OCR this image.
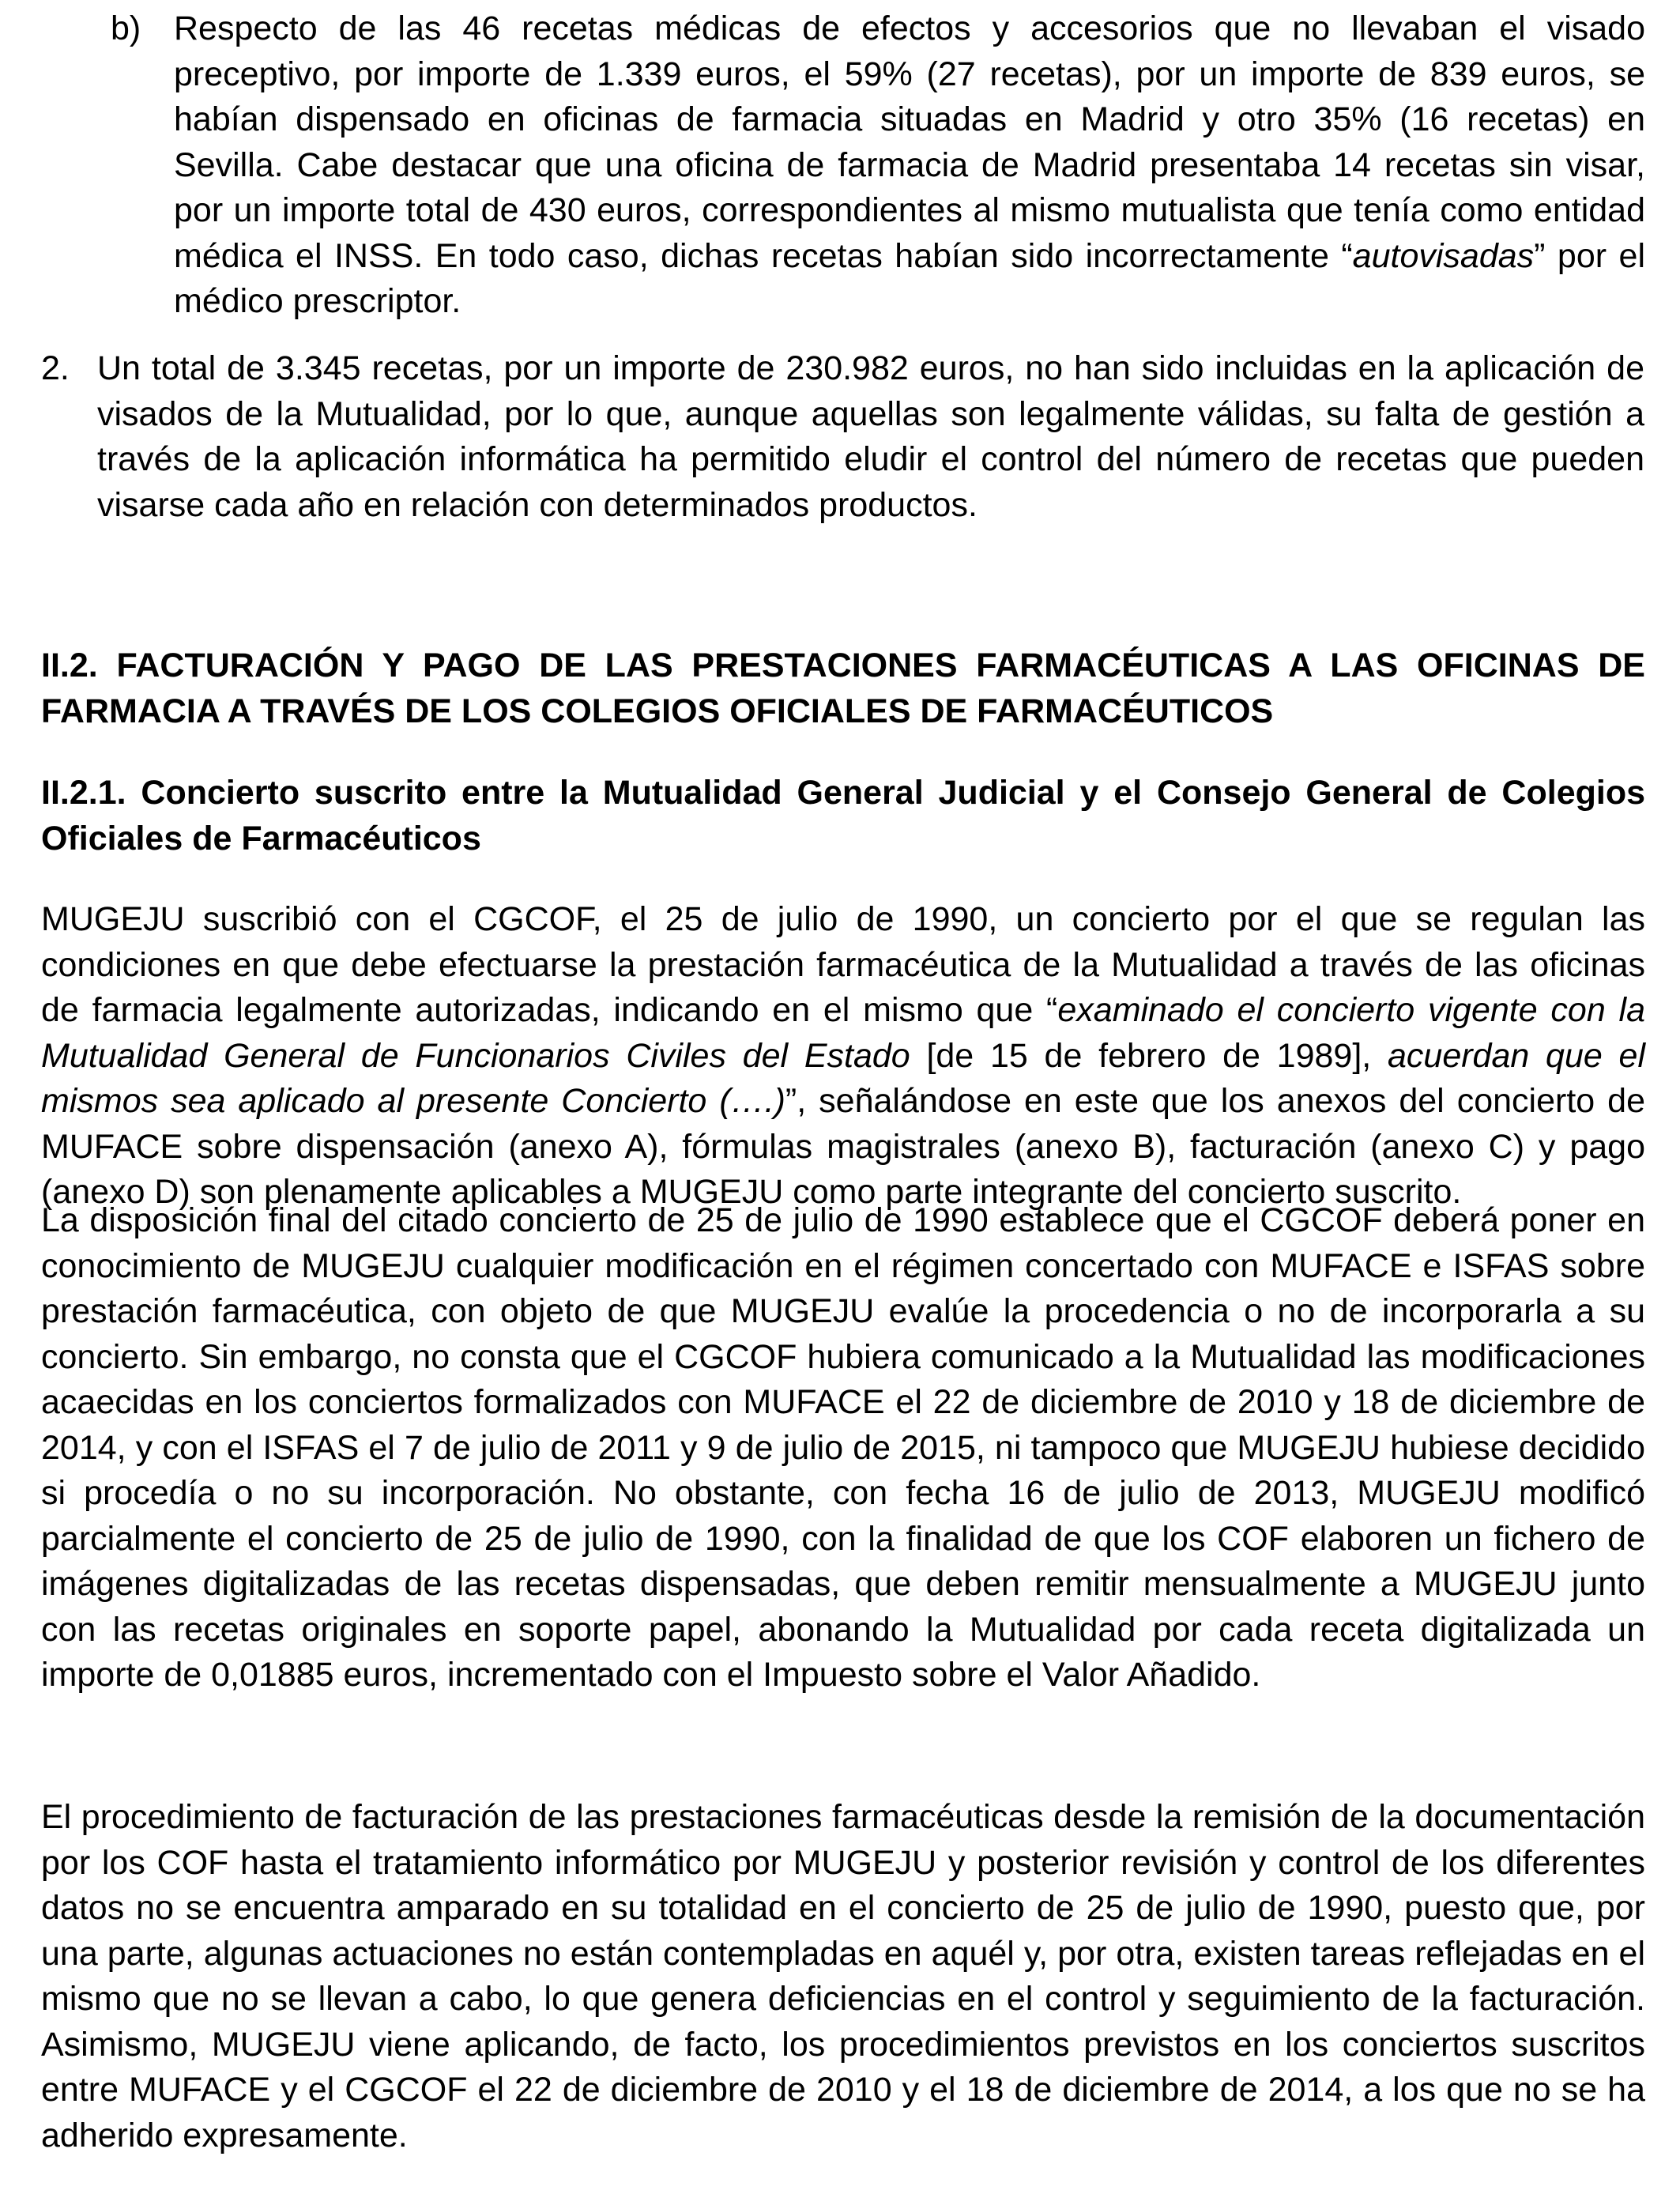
b) Respecto de las 46 recetas médicas de efectos y accesorios que no llevaban el visado preceptivo, por importe de 1.339 euros, el 59% (27 recetas), por un importe de 839 euros, se habían dispensado en oficinas de farmacia situadas en Madrid y otro 35% (16 recetas) en Sevilla. Cabe destacar que una oficina de farmacia de Madrid presentaba 14 recetas sin visar, por un importe total de 430 euros, correspondientes al mismo mutualista que tenía como entidad médica el INSS. En todo caso, dichas recetas habían sido incorrectamente “autovisadas” por el médico prescriptor.

2. Un total de 3.345 recetas, por un importe de 230.982 euros, no han sido incluidas en la aplicación de visados de la Mutualidad, por lo que, aunque aquellas son legalmente válidas, su falta de gestión a través de la aplicación informática ha permitido eludir el control del número de recetas que pueden visarse cada año en relación con determinados productos.

II.2. FACTURACIÓN Y PAGO DE LAS PRESTACIONES FARMACÉUTICAS A LAS OFICINAS DE FARMACIA A TRAVÉS DE LOS COLEGIOS OFICIALES DE FARMACÉUTICOS
II.2.1. Concierto suscrito entre la Mutualidad General Judicial y el Consejo General de Colegios Oficiales de Farmacéuticos

MUGEJU suscribió con el CGCOF, el 25 de julio de 1990, un concierto por el que se regulan las condiciones en que debe efectuarse la prestación farmacéutica de la Mutualidad a través de las oficinas de farmacia legalmente autorizadas, indicando en el mismo que “examinado el concierto vigente con la Mutualidad General de Funcionarios Civiles del Estado [de 15 de febrero de 1989], acuerdan que el mismos sea aplicado al presente Concierto (….)”, señalándose en este que los anexos del concierto de MUFACE sobre dispensación (anexo A), fórmulas magistrales (anexo B), facturación (anexo C) y pago (anexo D) son plenamente aplicables a MUGEJU como parte integrante del concierto suscrito.

La disposición final del citado concierto de 25 de julio de 1990 establece que el CGCOF deberá poner en conocimiento de MUGEJU cualquier modificación en el régimen concertado con MUFACE e ISFAS sobre prestación farmacéutica, con objeto de que MUGEJU evalúe la procedencia o no de incorporarla a su concierto. Sin embargo, no consta que el CGCOF hubiera comunicado a la Mutualidad las modificaciones acaecidas en los conciertos formalizados con MUFACE el 22 de diciembre de 2010 y 18 de diciembre de 2014, y con el ISFAS el 7 de julio de 2011 y 9 de julio de 2015, ni tampoco que MUGEJU hubiese decidido si procedía o no su incorporación. No obstante, con fecha 16 de julio de 2013, MUGEJU modificó parcialmente el concierto de 25 de julio de 1990, con la finalidad de que los COF elaboren un fichero de imágenes digitalizadas de las recetas dispensadas, que deben remitir mensualmente a MUGEJU junto con las recetas originales en soporte papel, abonando la Mutualidad por cada receta digitalizada un importe de 0,01885 euros, incrementado con el Impuesto sobre el Valor Añadido.

El procedimiento de facturación de las prestaciones farmacéuticas desde la remisión de la documentación por los COF hasta el tratamiento informático por MUGEJU y posterior revisión y control de los diferentes datos no se encuentra amparado en su totalidad en el concierto de 25 de julio de 1990, puesto que, por una parte, algunas actuaciones no están contempladas en aquél y, por otra, existen tareas reflejadas en el mismo que no se llevan a cabo, lo que genera deficiencias en el control y seguimiento de la facturación. Asimismo, MUGEJU viene aplicando, de facto, los procedimientos previstos en los conciertos suscritos entre MUFACE y el CGCOF el 22 de diciembre de 2010 y el 18 de diciembre de 2014, a los que no se ha adherido expresamente.
